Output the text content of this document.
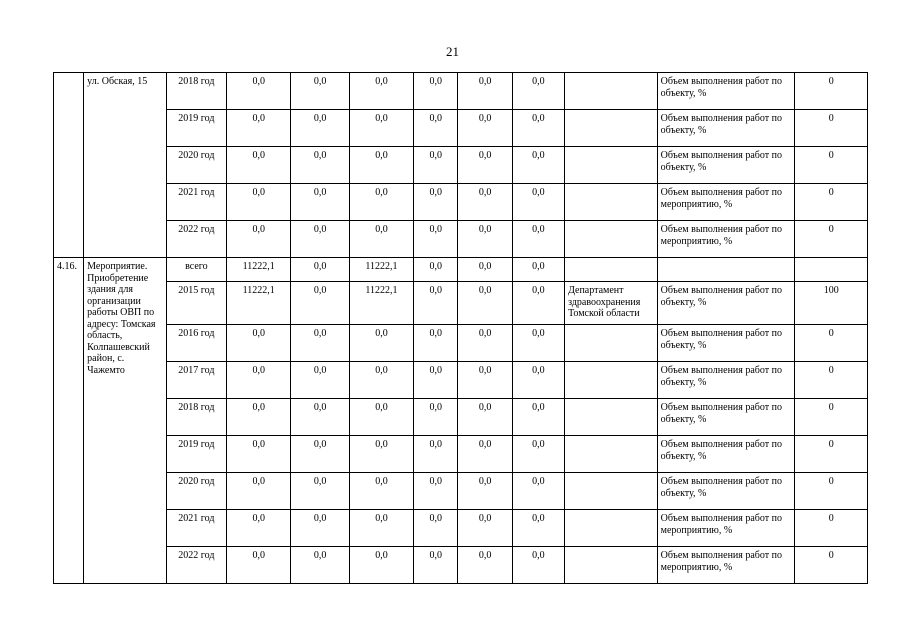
21
	ул. Обская, 15	2018 год	0,0	0,0	0,0	0,0	0,0	0,0		Объем выполнения работ по объекту, %	0
		2019 год	0,0	0,0	0,0	0,0	0,0	0,0		Объем выполнения работ по объекту, %	0
		2020 год	0,0	0,0	0,0	0,0	0,0	0,0		Объем выполнения работ по объекту, %	0
		2021 год	0,0	0,0	0,0	0,0	0,0	0,0		Объем выполнения работ по мероприятию, %	0
		2022 год	0,0	0,0	0,0	0,0	0,0	0,0		Объем выполнения работ по мероприятию, %	0
4.16.	Мероприятие. Приобретение здания для организации работы ОВП по адресу: Томская область, Колпашевский район, с. Чажемто	всего	11222,1	0,0	11222,1	0,0	0,0	0,0			
		2015 год	11222,1	0,0	11222,1	0,0	0,0	0,0	Департамент здравоохранения Томской области	Объем выполнения работ по объекту, %	100
		2016 год	0,0	0,0	0,0	0,0	0,0	0,0		Объем выполнения работ по объекту, %	0
		2017 год	0,0	0,0	0,0	0,0	0,0	0,0		Объем выполнения работ по объекту, %	0
		2018 год	0,0	0,0	0,0	0,0	0,0	0,0		Объем выполнения работ по объекту, %	0
		2019 год	0,0	0,0	0,0	0,0	0,0	0,0		Объем выполнения работ по объекту, %	0
		2020 год	0,0	0,0	0,0	0,0	0,0	0,0		Объем выполнения работ по объекту, %	0
		2021 год	0,0	0,0	0,0	0,0	0,0	0,0		Объем выполнения работ по мероприятию, %	0
		2022 год	0,0	0,0	0,0	0,0	0,0	0,0		Объем выполнения работ по мероприятию, %	0
